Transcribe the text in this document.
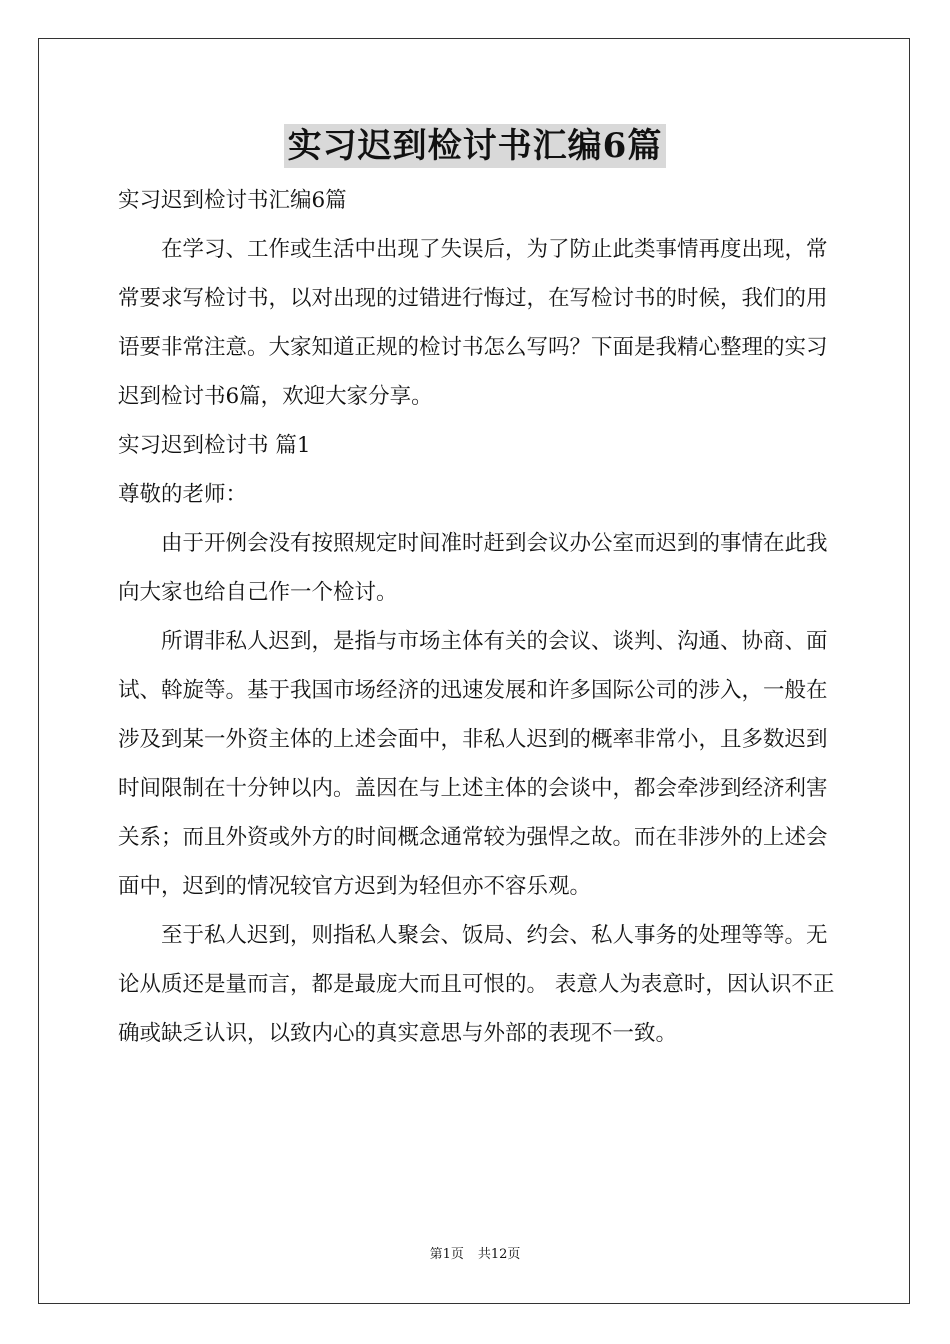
实习迟到检讨书汇编6篇

实习迟到检讨书汇编6篇

在学习、工作或生活中出现了失误后，为了防止此类事情再度出现，常常要求写检讨书，以对出现的过错进行悔过，在写检讨书的时候，我们的用语要非常注意。大家知道正规的检讨书怎么写吗？下面是我精心整理的实习迟到检讨书6篇，欢迎大家分享。

实习迟到检讨书 篇1

尊敬的老师：

由于开例会没有按照规定时间准时赶到会议办公室而迟到的事情在此我向大家也给自己作一个检讨。

所谓非私人迟到，是指与市场主体有关的会议、谈判、沟通、协商、面试、斡旋等。基于我国市场经济的迅速发展和许多国际公司的涉入，一般在涉及到某一外资主体的上述会面中，非私人迟到的概率非常小，且多数迟到时间限制在十分钟以内。盖因在与上述主体的会谈中，都会牵涉到经济利害关系；而且外资或外方的时间概念通常较为强悍之故。而在非涉外的上述会面中，迟到的情况较官方迟到为轻但亦不容乐观。

至于私人迟到，则指私人聚会、饭局、约会、私人事务的处理等等。无论从质还是量而言，都是最庞大而且可恨的。 表意人为表意时，因认识不正确或缺乏认识，以致内心的真实意思与外部的表现不一致。

第1页 共12页
